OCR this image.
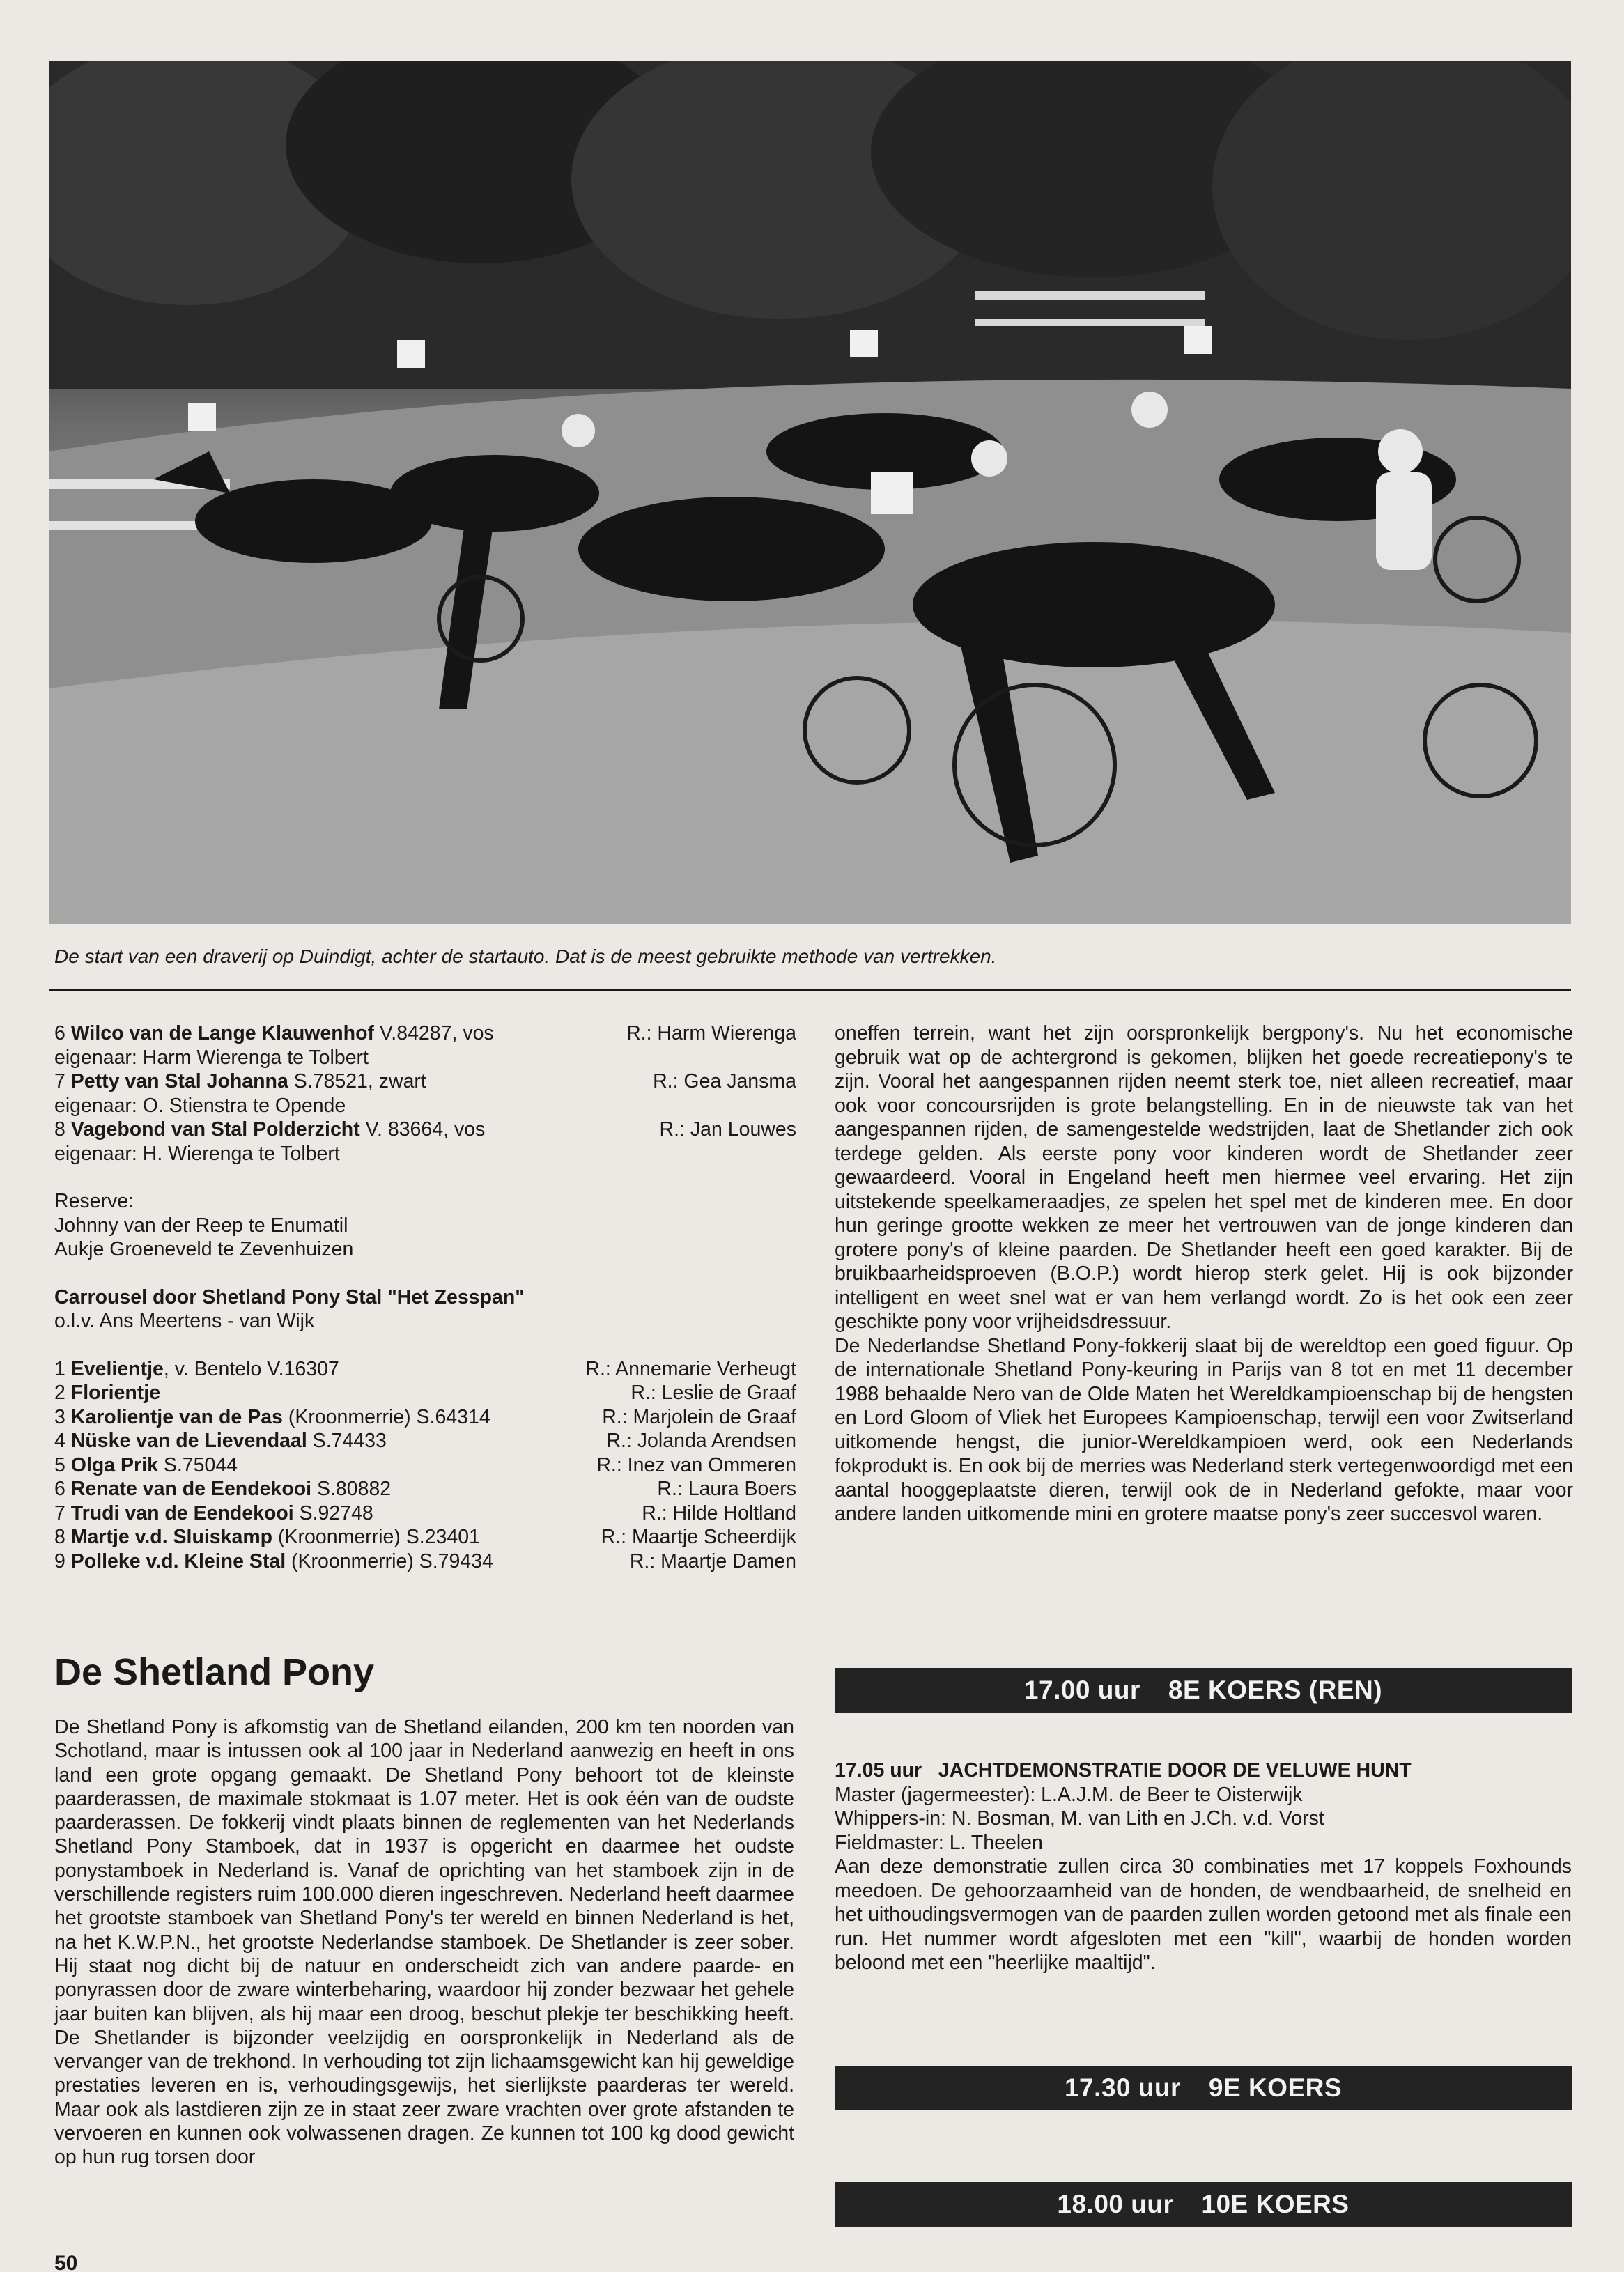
De start van een draverij op Duindigt, achter de startauto. Dat is de meest gebruikte methode van vertrekken.
6 Wilco van de Lange Klauwenhof V.84287, vos	R.: Harm Wierenga
eigenaar: Harm Wierenga te Tolbert
7 Petty van Stal Johanna S.78521, zwart	R.: Gea Jansma
eigenaar: O. Stienstra te Opende
8 Vagebond van Stal Polderzicht V. 83664, vos	R.: Jan Louwes
eigenaar: H. Wierenga te Tolbert
Reserve:
Johnny van der Reep te Enumatil
Aukje Groeneveld te Zevenhuizen
Carrousel door Shetland Pony Stal "Het Zesspan"
o.l.v. Ans Meertens - van Wijk
1 Evelientje, v. Bentelo V.16307	R.: Annemarie Verheugt
2 Florientje	R.: Leslie de Graaf
3 Karolientje van de Pas (Kroonmerrie) S.64314	R.: Marjolein de Graaf
4 Nüske van de Lievendaal S.74433	R.: Jolanda Arendsen
5 Olga Prik S.75044	R.: Inez van Ommeren
6 Renate van de Eendekooi S.80882	R.: Laura Boers
7 Trudi van de Eendekooi S.92748	R.: Hilde Holtland
8 Martje v.d. Sluiskamp (Kroonmerrie) S.23401	R.: Maartje Scheerdijk
9 Polleke v.d. Kleine Stal (Kroonmerrie) S.79434	R.: Maartje Damen
De Shetland Pony
De Shetland Pony is afkomstig van de Shetland eilanden, 200 km ten noorden van Schotland, maar is intussen ook al 100 jaar in Nederland aanwezig en heeft in ons land een grote opgang gemaakt. De Shetland Pony behoort tot de kleinste paarderassen, de maximale stokmaat is 1.07 meter. Het is ook één van de oudste paarderassen. De fokkerij vindt plaats binnen de reglementen van het Nederlands Shetland Pony Stamboek, dat in 1937 is opgericht en daarmee het oudste ponystamboek in Nederland is. Vanaf de oprichting van het stamboek zijn in de verschillende registers ruim 100.000 dieren ingeschreven. Nederland heeft daarmee het grootste stamboek van Shetland Pony's ter wereld en binnen Nederland is het, na het K.W.P.N., het grootste Nederlandse stamboek. De Shetlander is zeer sober. Hij staat nog dicht bij de natuur en onderscheidt zich van andere paarde- en ponyrassen door de zware winterbeharing, waardoor hij zonder bezwaar het gehele jaar buiten kan blijven, als hij maar een droog, beschut plekje ter beschikking heeft. De Shetlander is bijzonder veelzijdig en oorspronkelijk in Nederland als de vervanger van de trekhond. In verhouding tot zijn lichaamsgewicht kan hij geweldige prestaties leveren en is, verhoudingsgewijs, het sierlijkste paarderas ter wereld. Maar ook als lastdieren zijn ze in staat zeer zware vrachten over grote afstanden te vervoeren en kunnen ook volwassenen dragen. Ze kunnen tot 100 kg dood gewicht op hun rug torsen door
oneffen terrein, want het zijn oorspronkelijk bergpony's. Nu het economische gebruik wat op de achtergrond is gekomen, blijken het goede recreatiepony's te zijn. Vooral het aangespannen rijden neemt sterk toe, niet alleen recreatief, maar ook voor concoursrijden is grote belangstelling. En in de nieuwste tak van het aangespannen rijden, de samengestelde wedstrijden, laat de Shetlander zich ook terdege gelden. Als eerste pony voor kinderen wordt de Shetlander zeer gewaardeerd. Vooral in Engeland heeft men hiermee veel ervaring. Het zijn uitstekende speelkameraadjes, ze spelen het spel met de kinderen mee. En door hun geringe grootte wekken ze meer het vertrouwen van de jonge kinderen dan grotere pony's of kleine paarden. De Shetlander heeft een goed karakter. Bij de bruikbaarheidsproeven (B.O.P.) wordt hierop sterk gelet. Hij is ook bijzonder intelligent en weet snel wat er van hem verlangd wordt. Zo is het ook een zeer geschikte pony voor vrijheidsdressuur.
De Nederlandse Shetland Pony-fokkerij slaat bij de wereldtop een goed figuur. Op de internationale Shetland Pony-keuring in Parijs van 8 tot en met 11 december 1988 behaalde Nero van de Olde Maten het Wereldkampioenschap bij de hengsten en Lord Gloom of Vliek het Europees Kampioenschap, terwijl een voor Zwitserland uitkomende hengst, die junior-Wereldkampioen werd, ook een Nederlands fokprodukt is. En ook bij de merries was Nederland sterk vertegenwoordigd met een aantal hooggeplaatste dieren, terwijl ook de in Nederland gefokte, maar voor andere landen uitkomende mini en grotere maatse pony's zeer succesvol waren.
17.00 uur 8E KOERS (REN)
17.05 uur JACHTDEMONSTRATIE DOOR DE VELUWE HUNT
Master (jagermeester): L.A.J.M. de Beer te Oisterwijk
Whippers-in: N. Bosman, M. van Lith en J.Ch. v.d. Vorst
Fieldmaster: L. Theelen
Aan deze demonstratie zullen circa 30 combinaties met 17 koppels Foxhounds meedoen. De gehoorzaamheid van de honden, de wendbaarheid, de snelheid en het uithoudingsvermogen van de paarden zullen worden getoond met als finale een run. Het nummer wordt afgesloten met een "kill", waarbij de honden worden beloond met een "heerlijke maaltijd".
17.30 uur 9E KOERS
18.00 uur 10E KOERS
50
